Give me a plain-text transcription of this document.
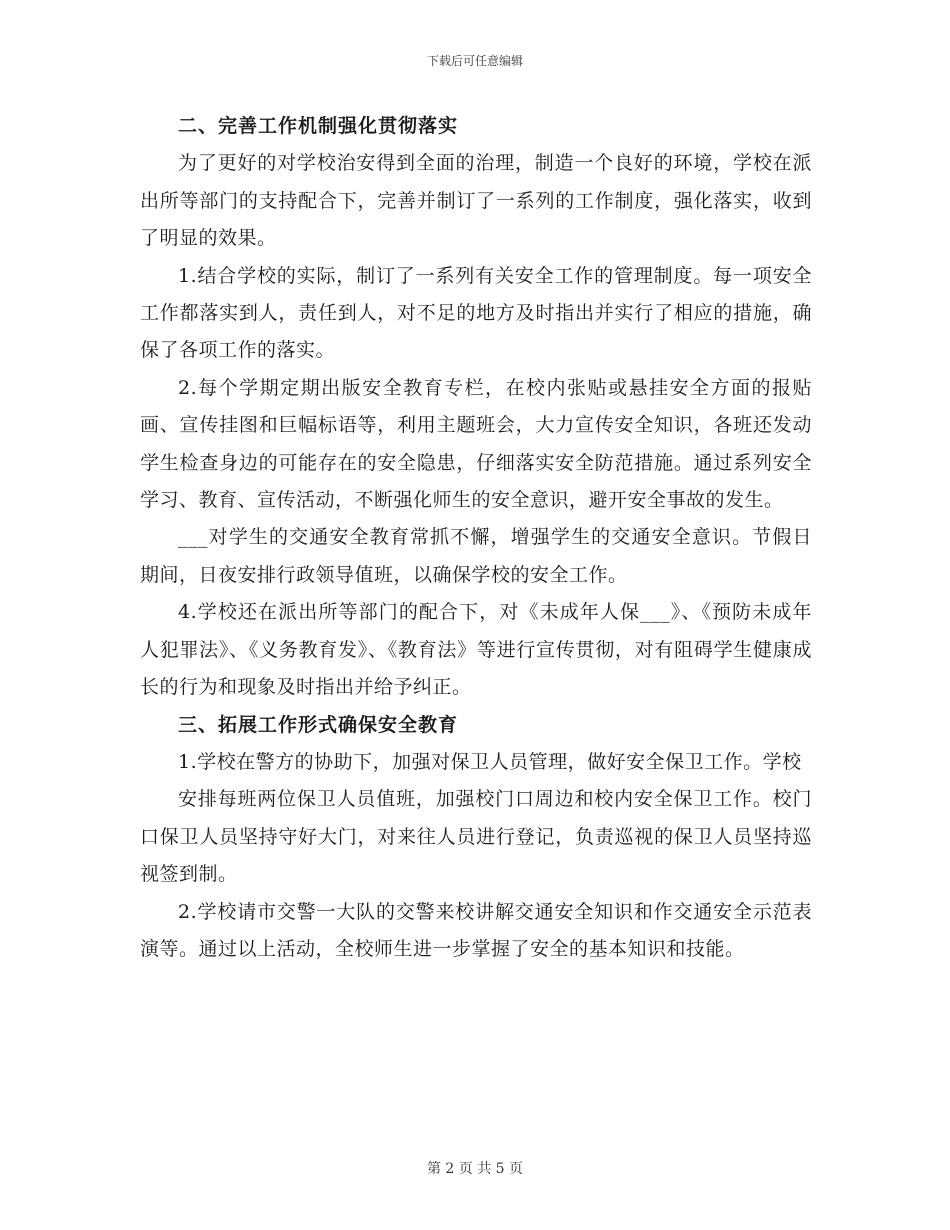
下载后可任意编辑

二、完善工作机制强化贯彻落实

为了更好的对学校治安得到全面的治理，制造一个良好的环境，学校在派出所等部门的支持配合下，完善并制订了一系列的工作制度，强化落实，收到了明显的效果。

1.结合学校的实际，制订了一系列有关安全工作的管理制度。每一项安全工作都落实到人，责任到人，对不足的地方及时指出并实行了相应的措施，确保了各项工作的落实。

2.每个学期定期出版安全教育专栏，在校内张贴或悬挂安全方面的报贴画、宣传挂图和巨幅标语等，利用主题班会，大力宣传安全知识，各班还发动学生检查身边的可能存在的安全隐患，仔细落实安全防范措施。通过系列安全学习、教育、宣传活动，不断强化师生的安全意识，避开安全事故的发生。

___对学生的交通安全教育常抓不懈，增强学生的交通安全意识。节假日期间，日夜安排行政领导值班，以确保学校的安全工作。

4.学校还在派出所等部门的配合下，对《未成年人保___》、《预防未成年人犯罪法》、《义务教育发》、《教育法》等进行宣传贯彻，对有阻碍学生健康成长的行为和现象及时指出并给予纠正。

三、拓展工作形式确保安全教育

1.学校在警方的协助下，加强对保卫人员管理，做好安全保卫工作。学校

安排每班两位保卫人员值班，加强校门口周边和校内安全保卫工作。校门口保卫人员坚持守好大门，对来往人员进行登记，负责巡视的保卫人员坚持巡视签到制。

2.学校请市交警一大队的交警来校讲解交通安全知识和作交通安全示范表演等。通过以上活动，全校师生进一步掌握了安全的基本知识和技能。

第 2 页 共 5 页
